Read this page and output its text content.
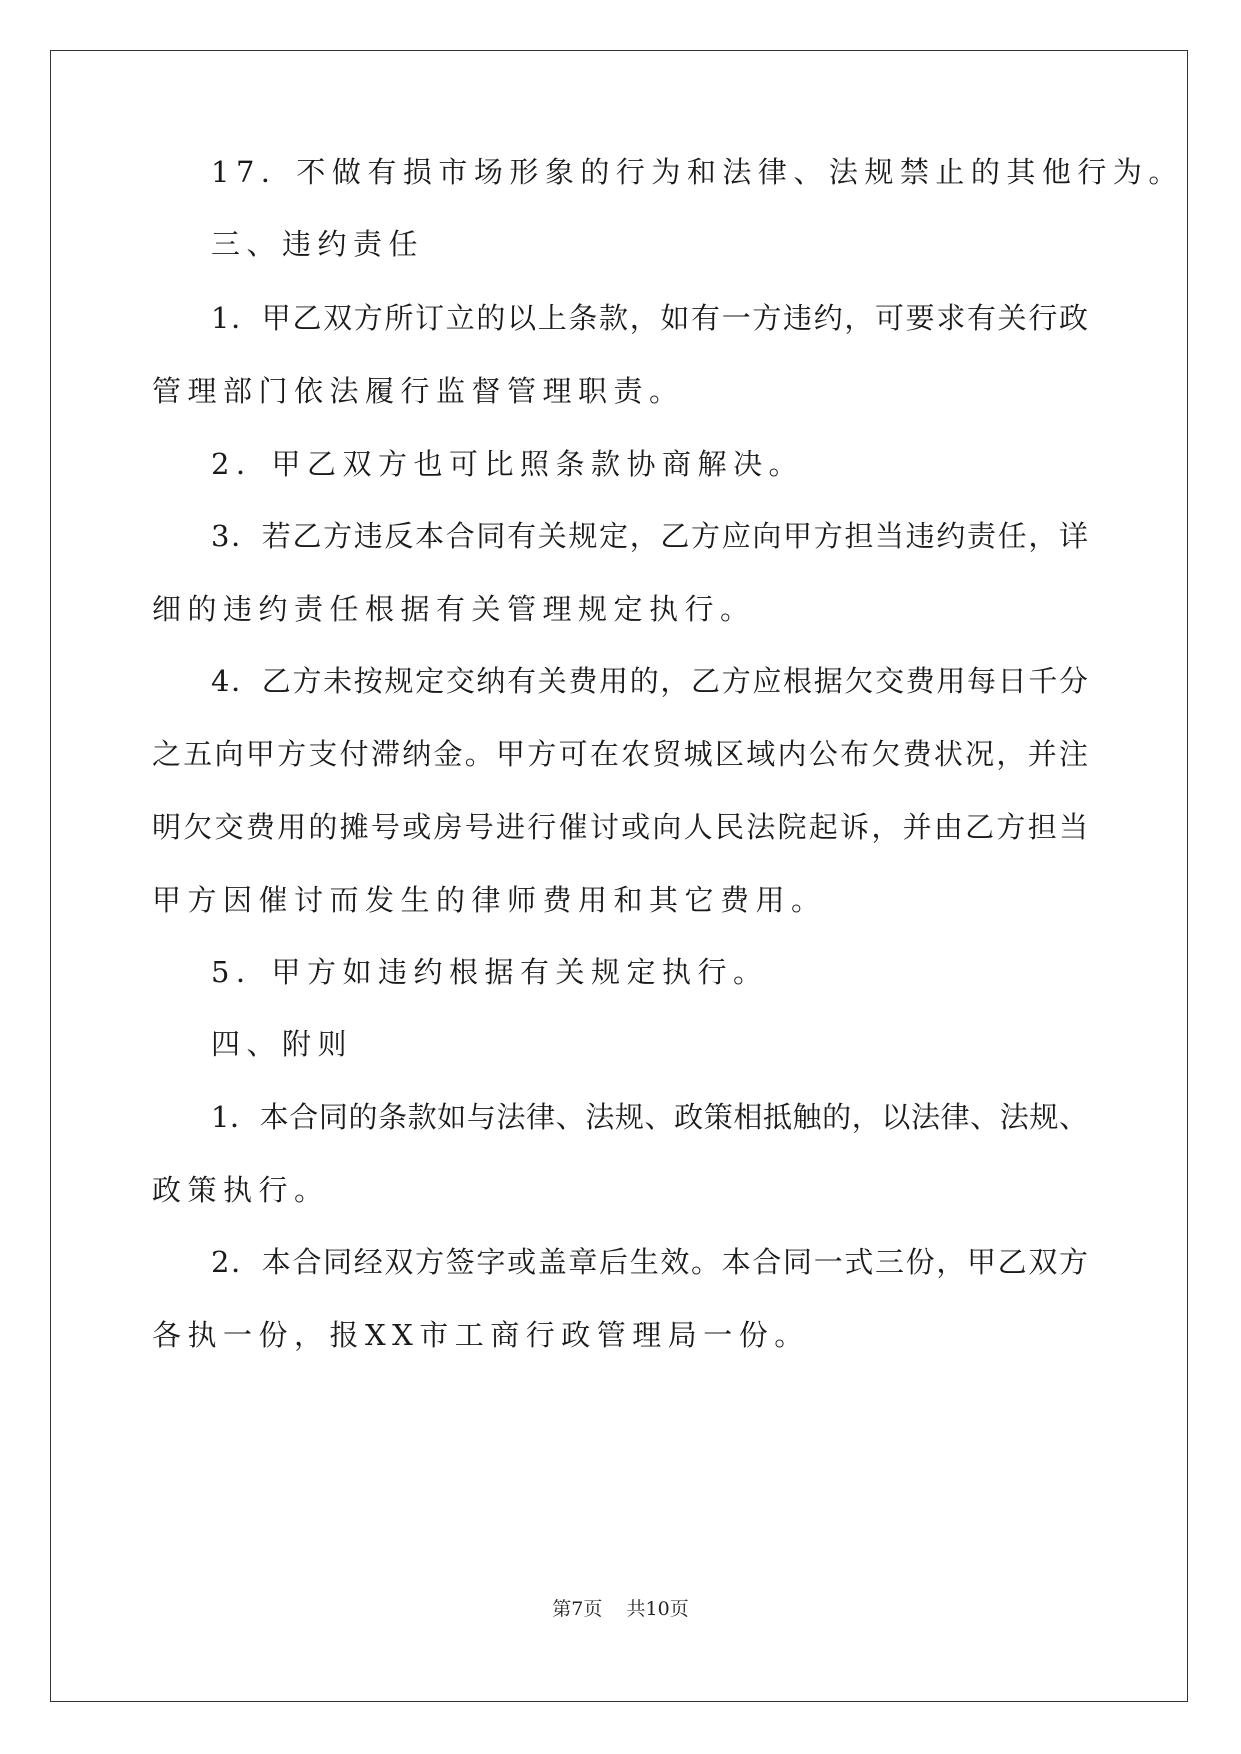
17．不做有损市场形象的行为和法律、法规禁止的其他行为。
三、违约责任
1．甲乙双方所订立的以上条款，如有一方违约，可要求有关行政
管理部门依法履行监督管理职责。
2．甲乙双方也可比照条款协商解决。
3．若乙方违反本合同有关规定，乙方应向甲方担当违约责任，详
细的违约责任根据有关管理规定执行。
4．乙方未按规定交纳有关费用的，乙方应根据欠交费用每日千分
之五向甲方支付滞纳金。甲方可在农贸城区域内公布欠费状况，并注
明欠交费用的摊号或房号进行催讨或向人民法院起诉，并由乙方担当
甲方因催讨而发生的律师费用和其它费用。
5．甲方如违约根据有关规定执行。
四、附则
1．本合同的条款如与法律、法规、政策相抵触的，以法律、法规、
政策执行。
2．本合同经双方签字或盖章后生效。本合同一式三份，甲乙双方
各执一份，报XX市工商行政管理局一份。
第7页 共10页
